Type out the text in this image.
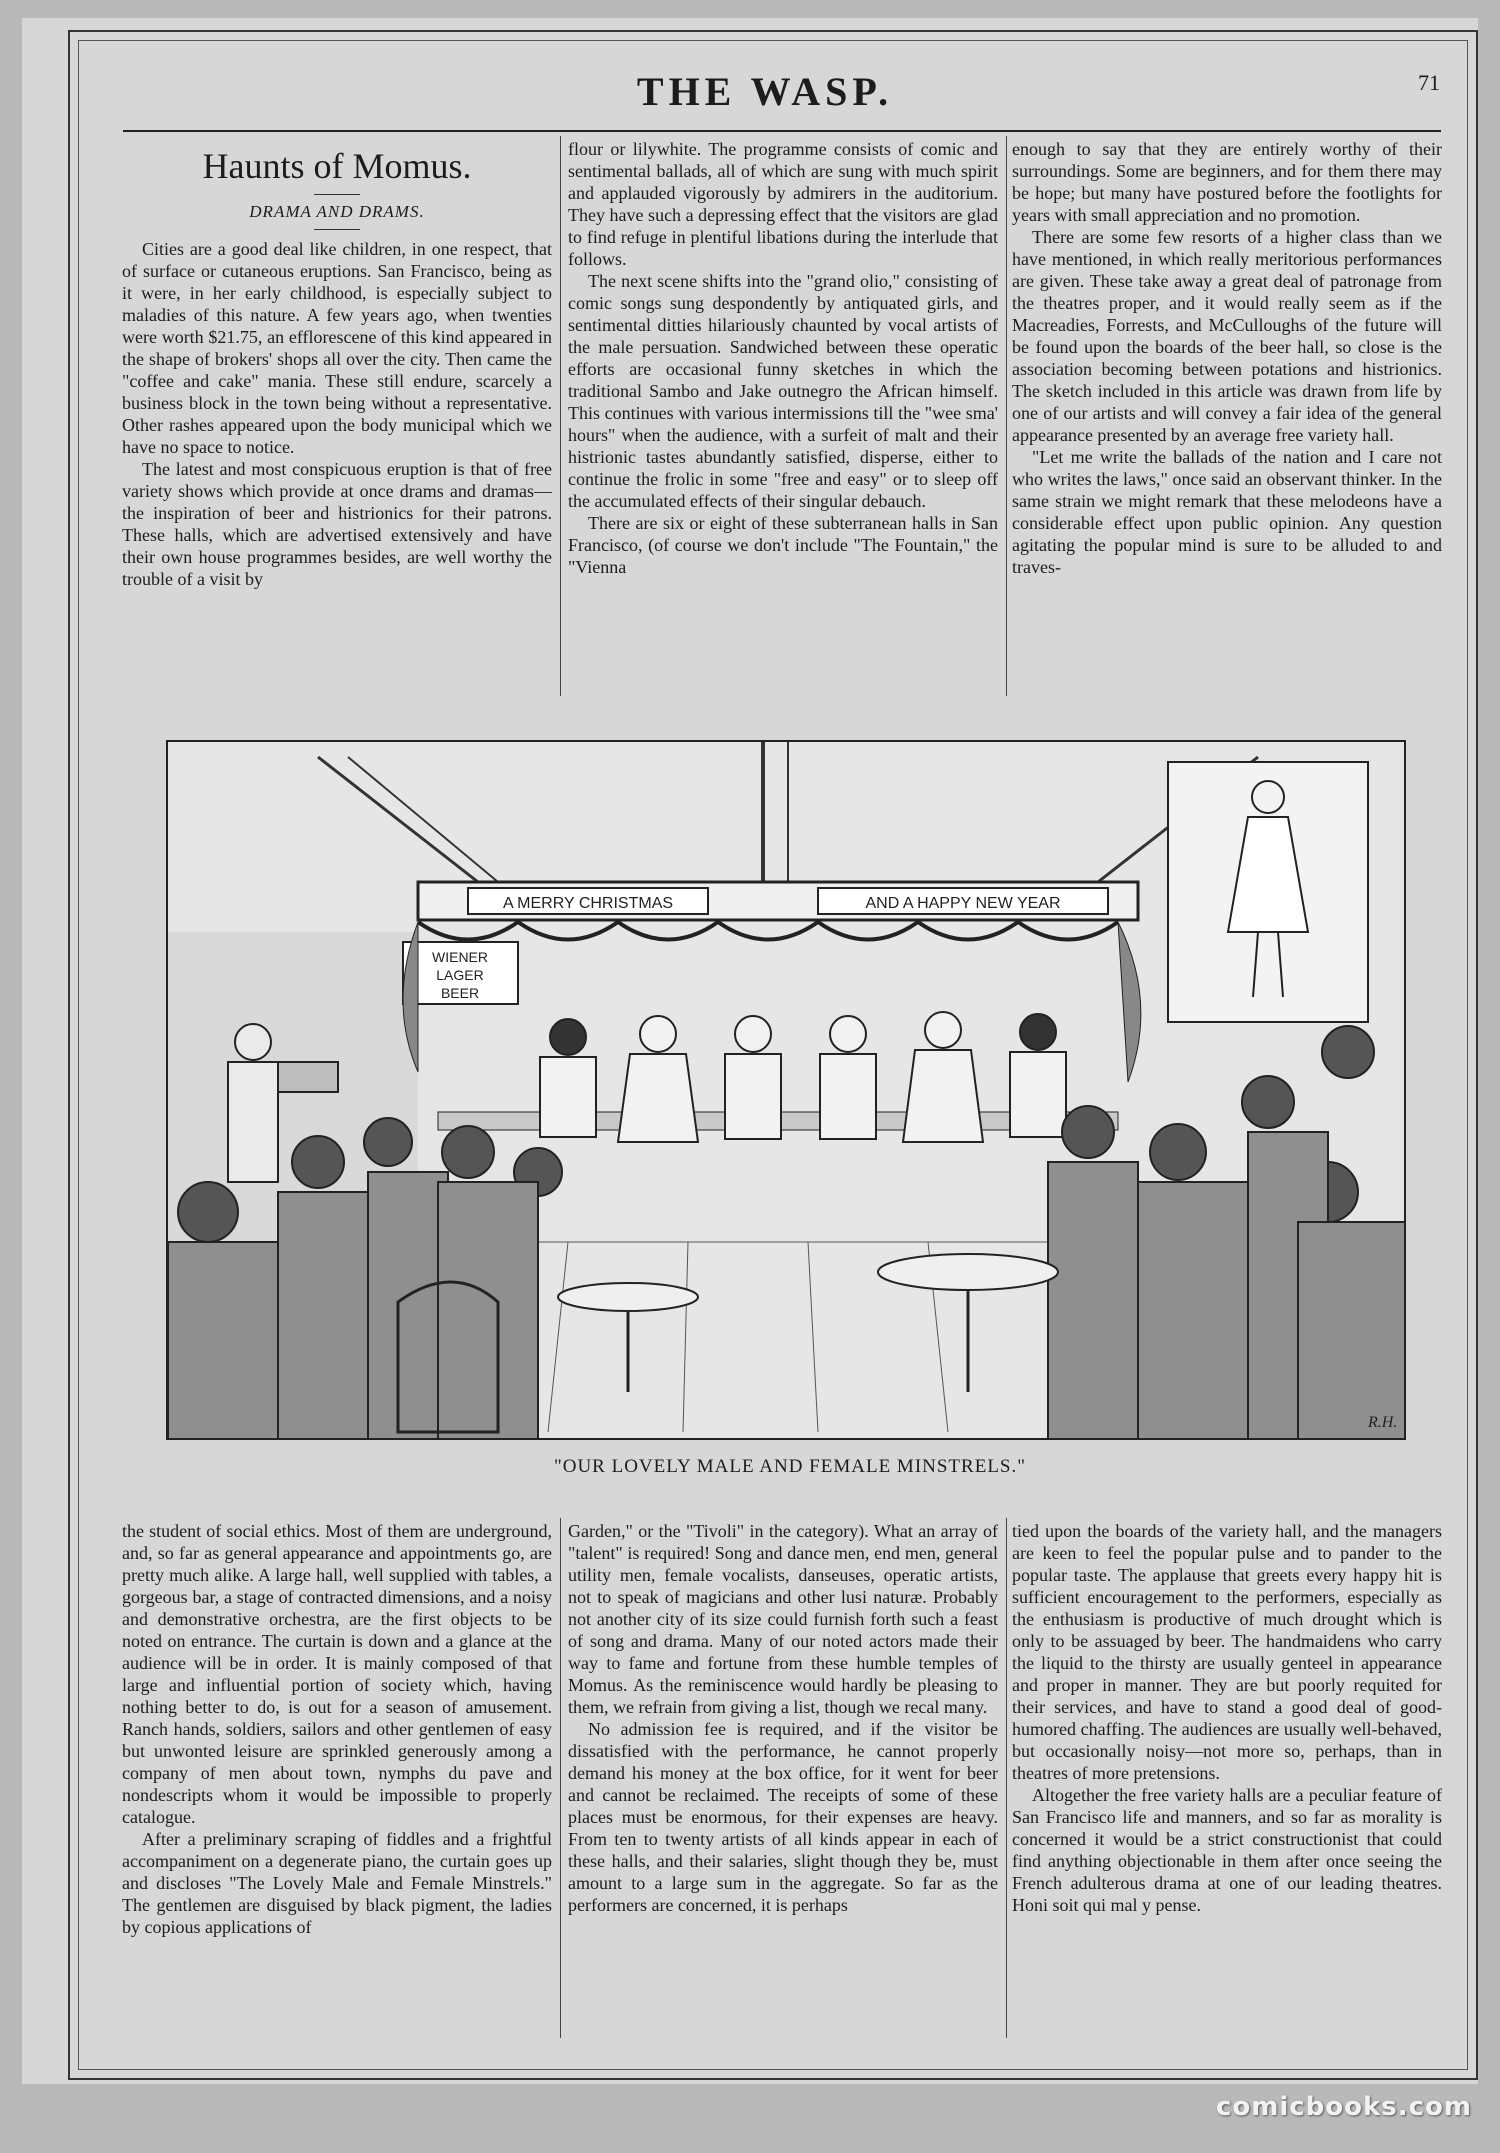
THE WASP.	71
Haunts of Momus.
DRAMA AND DRAMS.

Cities are a good deal like children, in one respect, that of surface or cutaneous eruptions. San Francisco, being as it were, in her early childhood, is especially subject to maladies of this nature. A few years ago, when twenties were worth $21.75, an efflorescene of this kind appeared in the shape of brokers' shops all over the city. Then came the "coffee and cake" mania. These still endure, scarcely a business block in the town being without a representative. Other rashes appeared upon the body municipal which we have no space to notice.

The latest and most conspicuous eruption is that of free variety shows which provide at once drams and dramas—the inspiration of beer and histrionics for their patrons. These halls, which are advertised extensively and have their own house programmes besides, are well worthy the trouble of a visit by

flour or lilywhite. The programme consists of comic and sentimental ballads, all of which are sung with much spirit and applauded vigorously by admirers in the auditorium. They have such a depressing effect that the visitors are glad to find refuge in plentiful libations during the interlude that follows.

The next scene shifts into the "grand olio," consisting of comic songs sung despondently by antiquated girls, and sentimental ditties hilariously chaunted by vocal artists of the male persuation. Sandwiched between these operatic efforts are occasional funny sketches in which the traditional Sambo and Jake outnegro the African himself. This continues with various intermissions till the "wee sma' hours" when the audience, with a surfeit of malt and their histrionic tastes abundantly satisfied, disperse, either to continue the frolic in some "free and easy" or to sleep off the accumulated effects of their singular debauch.

There are six or eight of these subterranean halls in San Francisco, (of course we don't include "The Fountain," the "Vienna

enough to say that they are entirely worthy of their surroundings. Some are beginners, and for them there may be hope; but many have postured before the footlights for years with small appreciation and no promotion.

There are some few resorts of a higher class than we have mentioned, in which really meritorious performances are given. These take away a great deal of patronage from the theatres proper, and it would really seem as if the Macreadies, Forrests, and McCulloughs of the future will be found upon the boards of the beer hall, so close is the association becoming between potations and histrionics. The sketch included in this article was drawn from life by one of our artists and will convey a fair idea of the general appearance presented by an average free variety hall.

"Let me write the ballads of the nation and I care not who writes the laws," once said an observant thinker. In the same strain we might remark that these melodeons have a considerable effect upon public opinion. Any question agitating the popular mind is sure to be alluded to and traves-

A MERRY CHRISTMAS	AND A HAPPY NEW YEAR
WIENER
LAGER
BEER
R.H.
"OUR LOVELY MALE AND FEMALE MINSTRELS."

the student of social ethics. Most of them are underground, and, so far as general appearance and appointments go, are pretty much alike. A large hall, well supplied with tables, a gorgeous bar, a stage of contracted dimensions, and a noisy and demonstrative orchestra, are the first objects to be noted on entrance. The curtain is down and a glance at the audience will be in order. It is mainly composed of that large and influential portion of society which, having nothing better to do, is out for a season of amusement. Ranch hands, soldiers, sailors and other gentlemen of easy but unwonted leisure are sprinkled generously among a company of men about town, nymphs du pave and nondescripts whom it would be impossible to properly catalogue.

After a preliminary scraping of fiddles and a frightful accompaniment on a degenerate piano, the curtain goes up and discloses "The Lovely Male and Female Minstrels." The gentlemen are disguised by black pigment, the ladies by copious applications of

Garden," or the "Tivoli" in the category). What an array of "talent" is required! Song and dance men, end men, general utility men, female vocalists, danseuses, operatic artists, not to speak of magicians and other lusi naturæ. Probably not another city of its size could furnish forth such a feast of song and drama. Many of our noted actors made their way to fame and fortune from these humble temples of Momus. As the reminiscence would hardly be pleasing to them, we refrain from giving a list, though we recal many.

No admission fee is required, and if the visitor be dissatisfied with the performance, he cannot properly demand his money at the box office, for it went for beer and cannot be reclaimed. The receipts of some of these places must be enormous, for their expenses are heavy. From ten to twenty artists of all kinds appear in each of these halls, and their salaries, slight though they be, must amount to a large sum in the aggregate. So far as the performers are concerned, it is perhaps

tied upon the boards of the variety hall, and the managers are keen to feel the popular pulse and to pander to the popular taste. The applause that greets every happy hit is sufficient encouragement to the performers, especially as the enthusiasm is productive of much drought which is only to be assuaged by beer. The handmaidens who carry the liquid to the thirsty are usually genteel in appearance and proper in manner. They are but poorly requited for their services, and have to stand a good deal of good-humored chaffing. The audiences are usually well-behaved, but occasionally noisy—not more so, perhaps, than in theatres of more pretensions.

Altogether the free variety halls are a peculiar feature of San Francisco life and manners, and so far as morality is concerned it would be a strict constructionist that could find anything objectionable in them after once seeing the French adulterous drama at one of our leading theatres. Honi soit qui mal y pense.

comicbooks.com
